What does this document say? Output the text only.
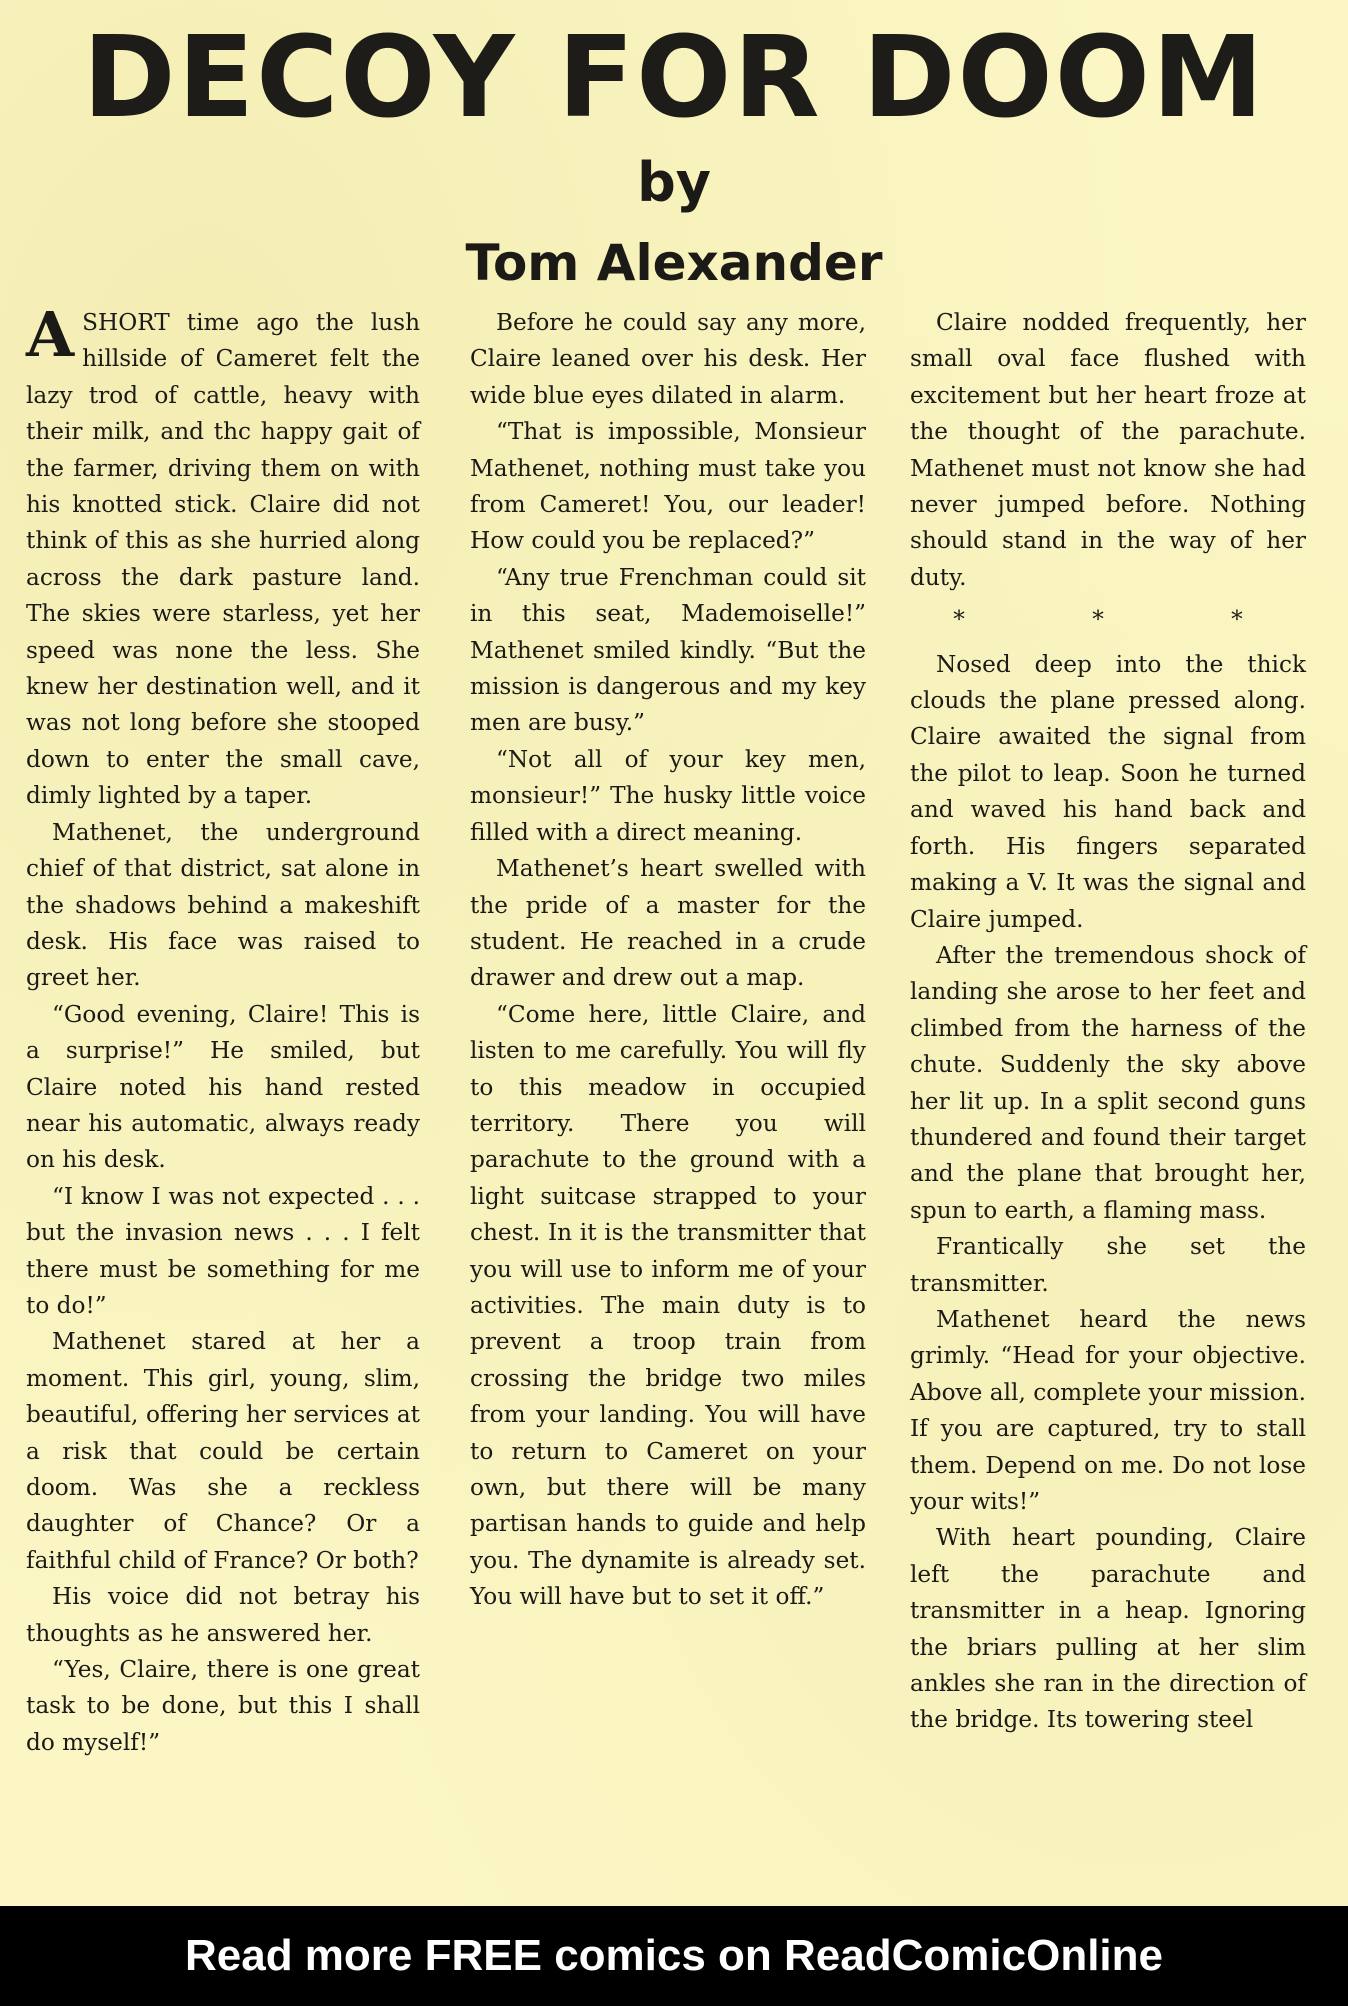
DECOY FOR DOOM
by
Tom Alexander

ASHORT time ago the lush hillside of Cameret felt the lazy trod of cattle, heavy with their milk, and thc happy gait of the farmer, driving them on with his knotted stick. Claire did not think of this as she hurried along across the dark pasture land. The skies were starless, yet her speed was none the less. She knew her destination well, and it was not long before she stooped down to enter the small cave, dimly lighted by a taper.

Mathenet, the underground chief of that district, sat alone in the shadows behind a makeshift desk. His face was raised to greet her.

“Good evening, Claire! This is a surprise!” He smiled, but Claire noted his hand rested near his automatic, always ready on his desk.

“I know I was not expected . . . but the invasion news . . . I felt there must be something for me to do!”

Mathenet stared at her a moment. This girl, young, slim, beautiful, offering her services at a risk that could be certain doom. Was she a reckless daughter of Chance? Or a faithful child of France? Or both?

His voice did not betray his thoughts as he answered her.

“Yes, Claire, there is one great task to be done, but this I shall do myself!”

Before he could say any more, Claire leaned over his desk. Her wide blue eyes dilated in alarm.

“That is impossible, Monsieur Mathenet, nothing must take you from Cameret! You, our leader! How could you be replaced?”

“Any true Frenchman could sit in this seat, Mademoiselle!” Mathenet smiled kindly. “But the mission is dangerous and my key men are busy.”

“Not all of your key men, monsieur!” The husky little voice filled with a direct meaning.

Mathenet’s heart swelled with the pride of a master for the student. He reached in a crude drawer and drew out a map.

“Come here, little Claire, and listen to me carefully. You will fly to this meadow in occupied territory. There you will parachute to the ground with a light suitcase strapped to your chest. In it is the transmitter that you will use to inform me of your activities. The main duty is to prevent a troop train from crossing the bridge two miles from your landing. You will have to return to Cameret on your own, but there will be many partisan hands to guide and help you. The dynamite is already set. You will have but to set it off.”

Claire nodded frequently, her small oval face flushed with excitement but her heart froze at the thought of the parachute. Mathenet must not know she had never jumped before. Nothing should stand in the way of her duty.

* * *

Nosed deep into the thick clouds the plane pressed along. Claire awaited the signal from the pilot to leap. Soon he turned and waved his hand back and forth. His fingers separated making a V. It was the signal and Claire jumped.

After the tremendous shock of landing she arose to her feet and climbed from the harness of the chute. Suddenly the sky above her lit up. In a split second guns thundered and found their target and the plane that brought her, spun to earth, a flaming mass.

Frantically she set the transmitter.

Mathenet heard the news grimly. “Head for your objective. Above all, complete your mission. If you are captured, try to stall them. Depend on me. Do not lose your wits!”

With heart pounding, Claire left the parachute and transmitter in a heap. Ignoring the briars pulling at her slim ankles she ran in the direction of the bridge. Its towering steel

Read more FREE comics on ReadComicOnline
